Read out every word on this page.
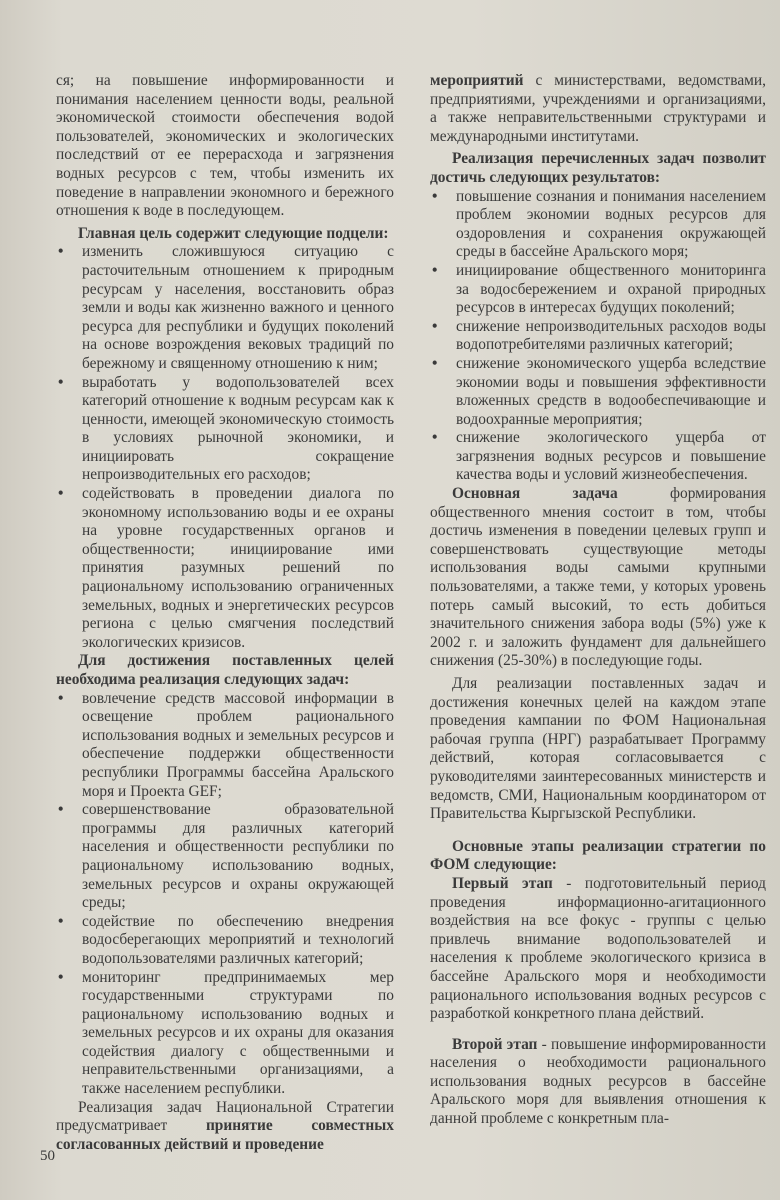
ся; на повышение информированности и понимания населением ценности воды, реальной экономической стоимости обеспечения водой пользователей, экономических и экологических последствий от ее перерасхода и загрязнения водных ресурсов с тем, чтобы изменить их поведение в направлении экономного и бережного отношения к воде в последующем.

Главная цель содержит следующие подцели:

• изменить сложившуюся ситуацию с расточительным отношением к природным ресурсам у населения, восстановить образ земли и воды как жизненно важного и ценного ресурса для республики и будущих поколений на основе возрождения вековых традиций по бережному и священному отношению к ним;
• выработать у водопользователей всех категорий отношение к водным ресурсам как к ценности, имеющей экономическую стоимость в условиях рыночной экономики, и инициировать сокращение непроизводительных его расходов;
• содействовать в проведении диалога по экономному использованию воды и ее охраны на уровне государственных органов и общественности; инициирование ими принятия разумных решений по рациональному использованию ограниченных земельных, водных и энергетических ресурсов региона с целью смягчения последствий экологических кризисов.

Для достижения поставленных целей необходима реализация следующих задач:

• вовлечение средств массовой информации в освещение проблем рационального использования водных и земельных ресурсов и обеспечение поддержки общественности республики Программы бассейна Аральского моря и Проекта GEF;
• совершенствование образовательной программы для различных категорий населения и общественности республики по рациональному использованию водных, земельных ресурсов и охраны окружающей среды;
• содействие по обеспечению внедрения водосберегающих мероприятий и технологий водопользователями различных категорий;
• мониторинг предпринимаемых мер государственными структурами по рациональному использованию водных и земельных ресурсов и их охраны для оказания содействия диалогу с общественными и неправительственными организациями, а также населением республики.

Реализация задач Национальной Стратегии предусматривает	принятие совместных согласованных действий и проведение

мероприятий с министерствами, ведомствами, предприятиями, учреждениями и организациями, а также неправительственными структурами и международными институтами.

Реализация перечисленных задач позволит достичь следующих результатов:

• повышение сознания и понимания населением проблем экономии водных ресурсов для оздоровления и сохранения окружающей среды в бассейне Аральского моря;
• инициирование общественного мониторинга за водосбережением и охраной природных ресурсов в интересах будущих поколений;
• снижение непроизводительных расходов воды водопотребителями различных категорий;
• снижение экономического ущерба вследствие экономии воды и повышения эффективности вложенных средств в водообеспечивающие и водоохранные мероприятия;
• снижение экологического ущерба от загрязнения водных ресурсов и повышение качества воды и условий жизнеобеспечения.

Основная задача	формирования общественного мнения состоит в том, чтобы достичь изменения в поведении целевых групп и совершенствовать существующие методы использования воды самыми крупными пользователями, а также теми, у которых уровень потерь самый высокий, то есть добиться значительного снижения забора воды (5%) уже к 2002 г. и заложить фундамент для дальнейшего снижения (25-30%) в последующие годы.

Для реализации поставленных задач и достижения конечных целей на каждом этапе проведения кампании по ФОМ Национальная рабочая группа (НРГ) разрабатывает Программу действий, которая согласовывается с руководителями заинтересованных министерств и ведомств, СМИ, Национальным координатором от Правительства Кыргызской Республики.

Основные этапы реализации стратегии по ФОМ следующие:

Первый этап - подготовительный период проведения информационно-агитационного воздействия на все фокус - группы с целью привлечь внимание водопользователей и населения к проблеме экологического кризиса в бассейне Аральского моря и необходимости рационального использования водных ресурсов с разработкой конкретного плана действий.

Второй этап - повышение информированности населения о необходимости рационального использования водных ресурсов в бассейне Аральского моря для выявления отношения к данной проблеме с конкретным пла-

50
